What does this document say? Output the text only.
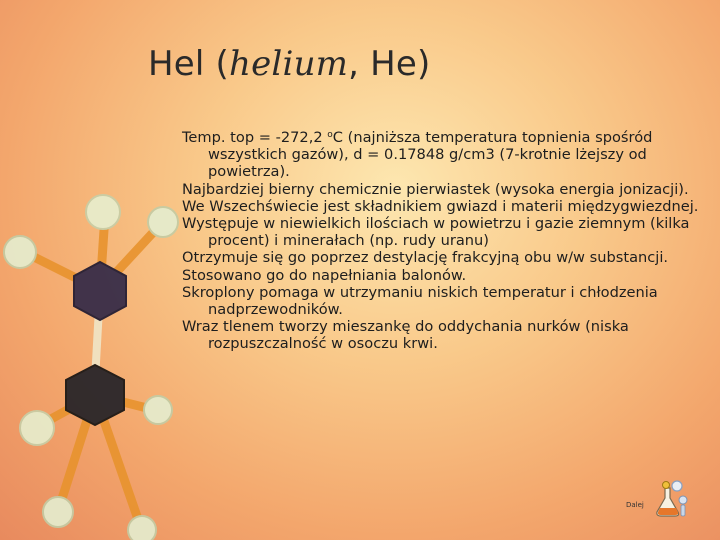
Hel (helium, He)

Temp. top = -272,2 $^o$C (najniższa temperatura topnienia spośród wszystkich gazów), d = 0.17848 g/cm3 (7-krotnie lżejszy od powietrza).

Najbardziej bierny chemicznie pierwiastek (wysoka energia jonizacji).

We Wszechświecie jest składnikiem gwiazd i materii międzygwiezdnej.

Występuje w niewielkich ilościach w powietrzu i gazie ziemnym (kilka procent) i minerałach (np. rudy uranu)

Otrzymuje się go poprzez destylację frakcyjną obu w/w substancji.

Stosowano go do napełniania balonów.

Skroplony pomaga w utrzymaniu niskich temperatur i chłodzenia nadprzewodników.

Wraz tlenem tworzy mieszankę do oddychania nurków (niska rozpuszczalność w osoczu krwi.

Dalej
